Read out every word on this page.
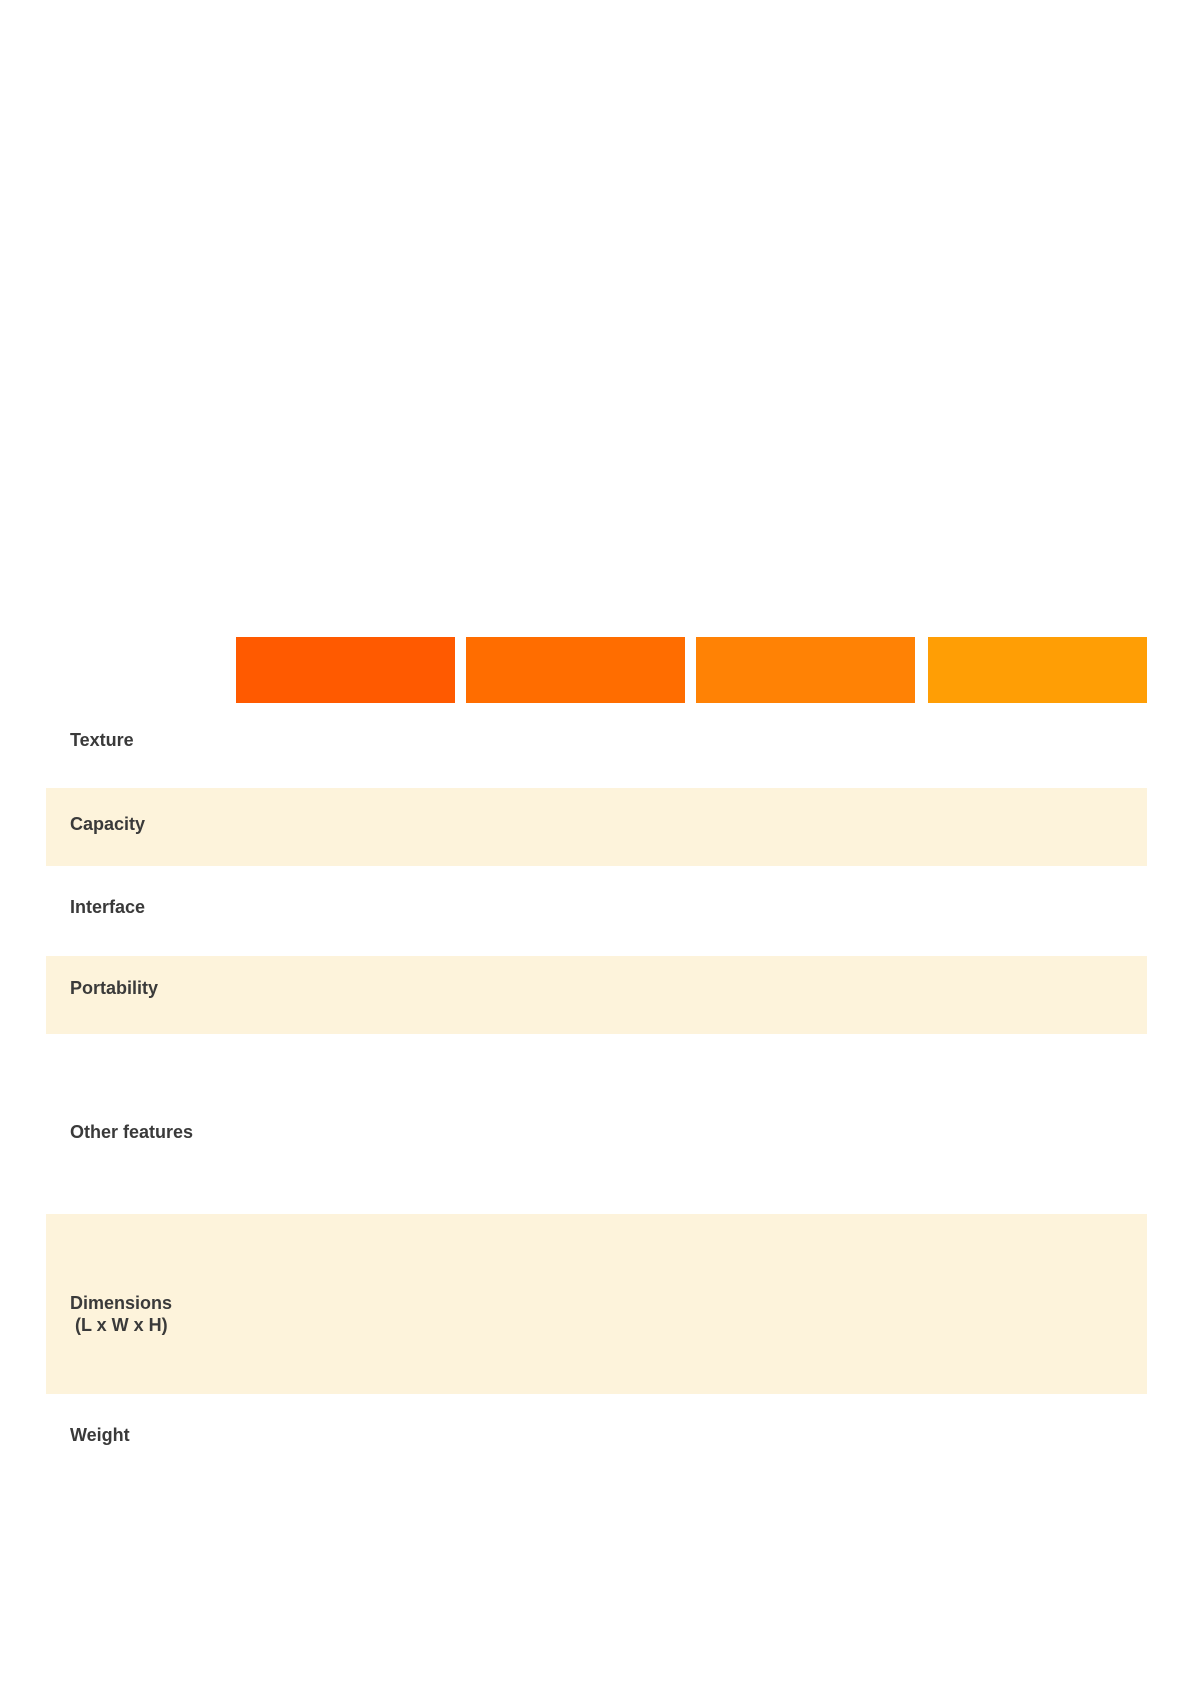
Texture
Capacity
Interface
Portability
Other features
Dimensions
(L x W x H)
Weight
